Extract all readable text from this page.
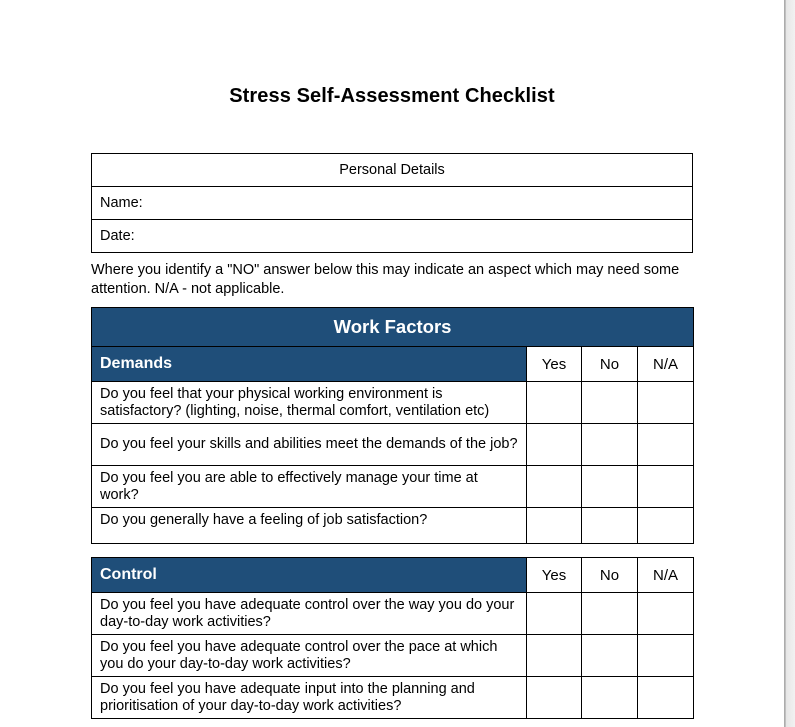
Stress Self-Assessment Checklist
Personal Details
Name:
Date:
Where you identify a "NO" answer below this may indicate an aspect which may need some attention. N/A - not applicable.
Work Factors			
Demands	Yes	No	N/A
Do you feel that your physical working environment is satisfactory? (lighting, noise, thermal comfort, ventilation etc)			
Do you feel your skills and abilities meet the demands of the job?			
Do you feel you are able to effectively manage your time at work?			
Do you generally have a feeling of job satisfaction?			
Control	Yes	No	N/A
Do you feel you have adequate control over the way you do your day-to-day work activities?			
Do you feel you have adequate control over the pace at which you do your day-to-day work activities?			
Do you feel you have adequate input into the planning and prioritisation of your day-to-day work activities?			
